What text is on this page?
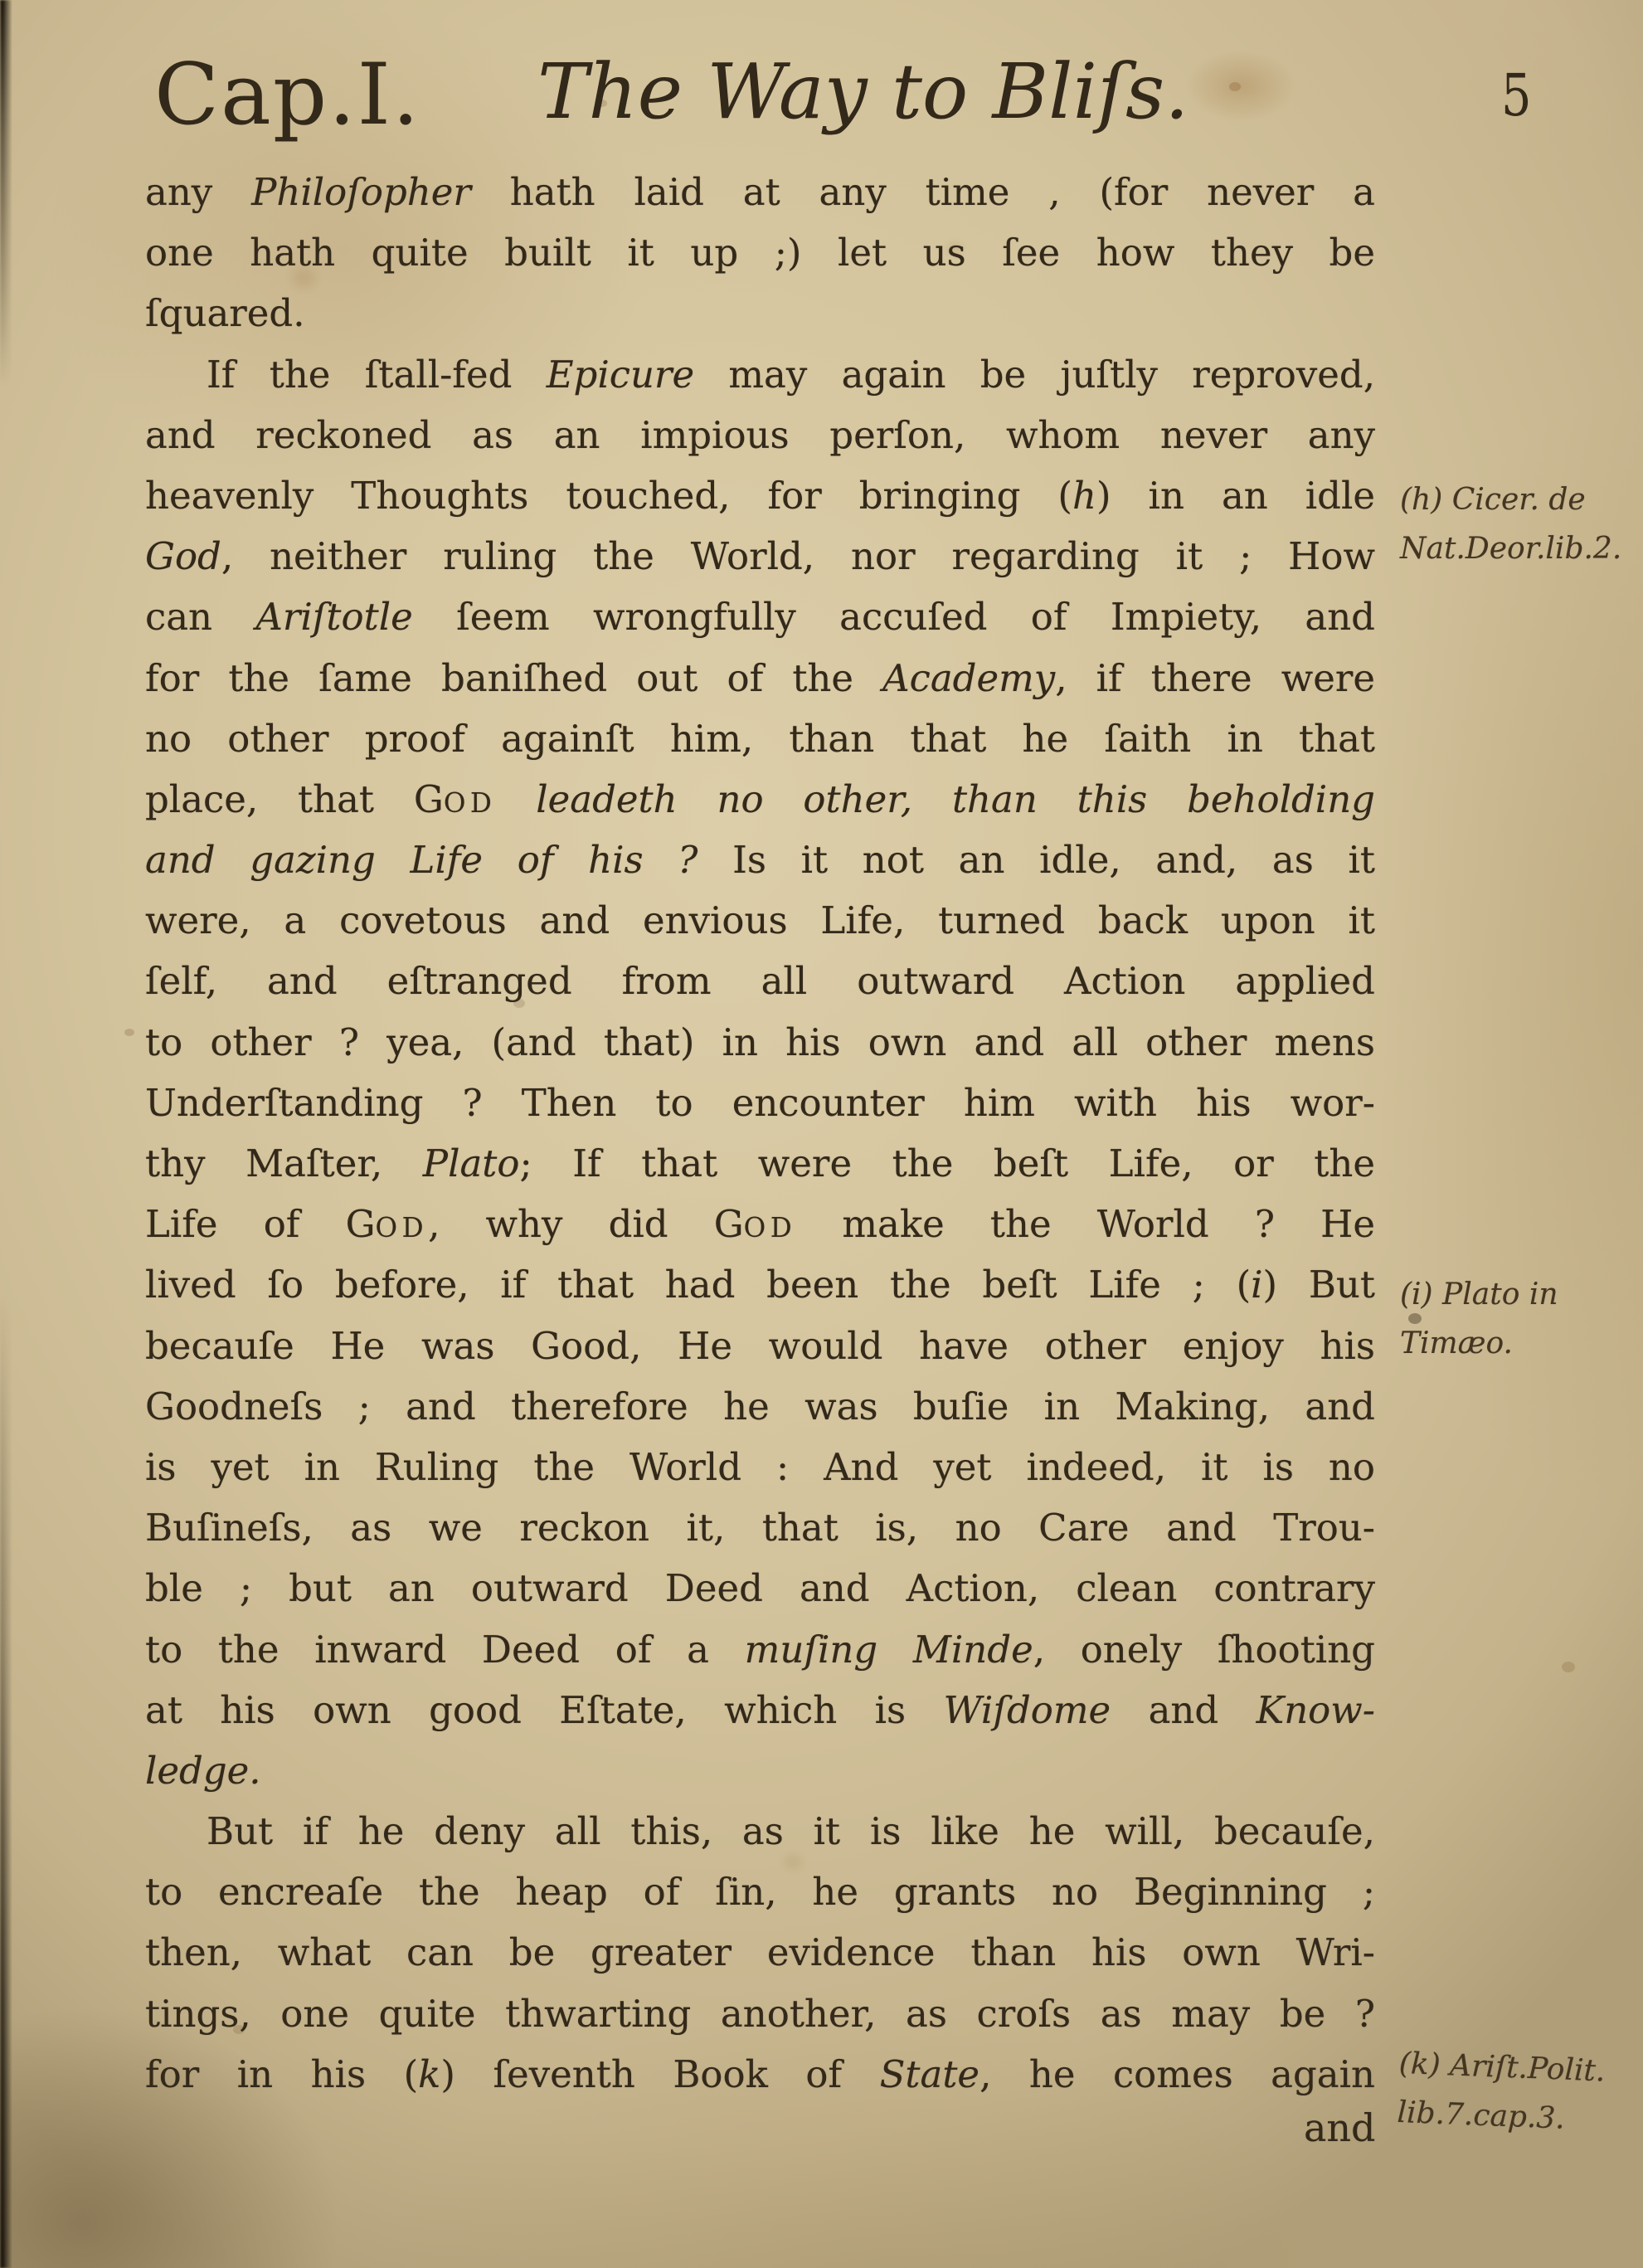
Cap.I. The Way to Bliſs.	5
any Philoſopher hath laid at any time , (for never a
one hath quite built it up ;) let us ſee how they be
ſquared.
If the ſtall-fed Epicure may again be juſtly reproved,
and reckoned as an impious perſon, whom never any
heavenly Thoughts touched, for bringing (h) in an idle
God, neither ruling the World, nor regarding it ; How
can Ariſtotle ſeem wrongfully accuſed of Impiety, and
for the ſame baniſhed out of the Academy, if there were
no other proof againſt him, than that he ſaith in that
place, that GOD leadeth no other, than this beholding
and gazing Life of his ? Is it not an idle, and, as it
were, a covetous and envious Life, turned back upon it
ſelf, and eſtranged from all outward Action applied
to other ? yea, (and that) in his own and all other mens
Underſtanding ? Then to encounter him with his wor-
thy Maſter, Plato; If that were the beſt Life, or the
Life of GOD, why did GOD make the World ? He
lived ſo before, if that had been the beſt Life ; (i) But
becauſe He was Good, He would have other enjoy his
Goodneſs ; and therefore he was buſie in Making, and
is yet in Ruling the World : And yet indeed, it is no
Buſineſs, as we reckon it, that is, no Care and Trou-
ble ; but an outward Deed and Action, clean contrary
to the inward Deed of a muſing Minde, onely ſhooting
at his own good Eſtate, which is Wiſdome and Know-
ledge.
But if he deny all this, as it is like he will, becauſe,
to encreaſe the heap of ſin, he grants no Beginning ;
then, what can be greater evidence than his own Wri-
tings, one quite thwarting another, as croſs as may be ?
for in his (k) ſeventh Book of State, he comes again
(h) Cicer. de
Nat.Deor.lib.2.
(i) Plato in
Timæo.
(k) Ariſt.Polit.
lib.7.cap.3.
and
